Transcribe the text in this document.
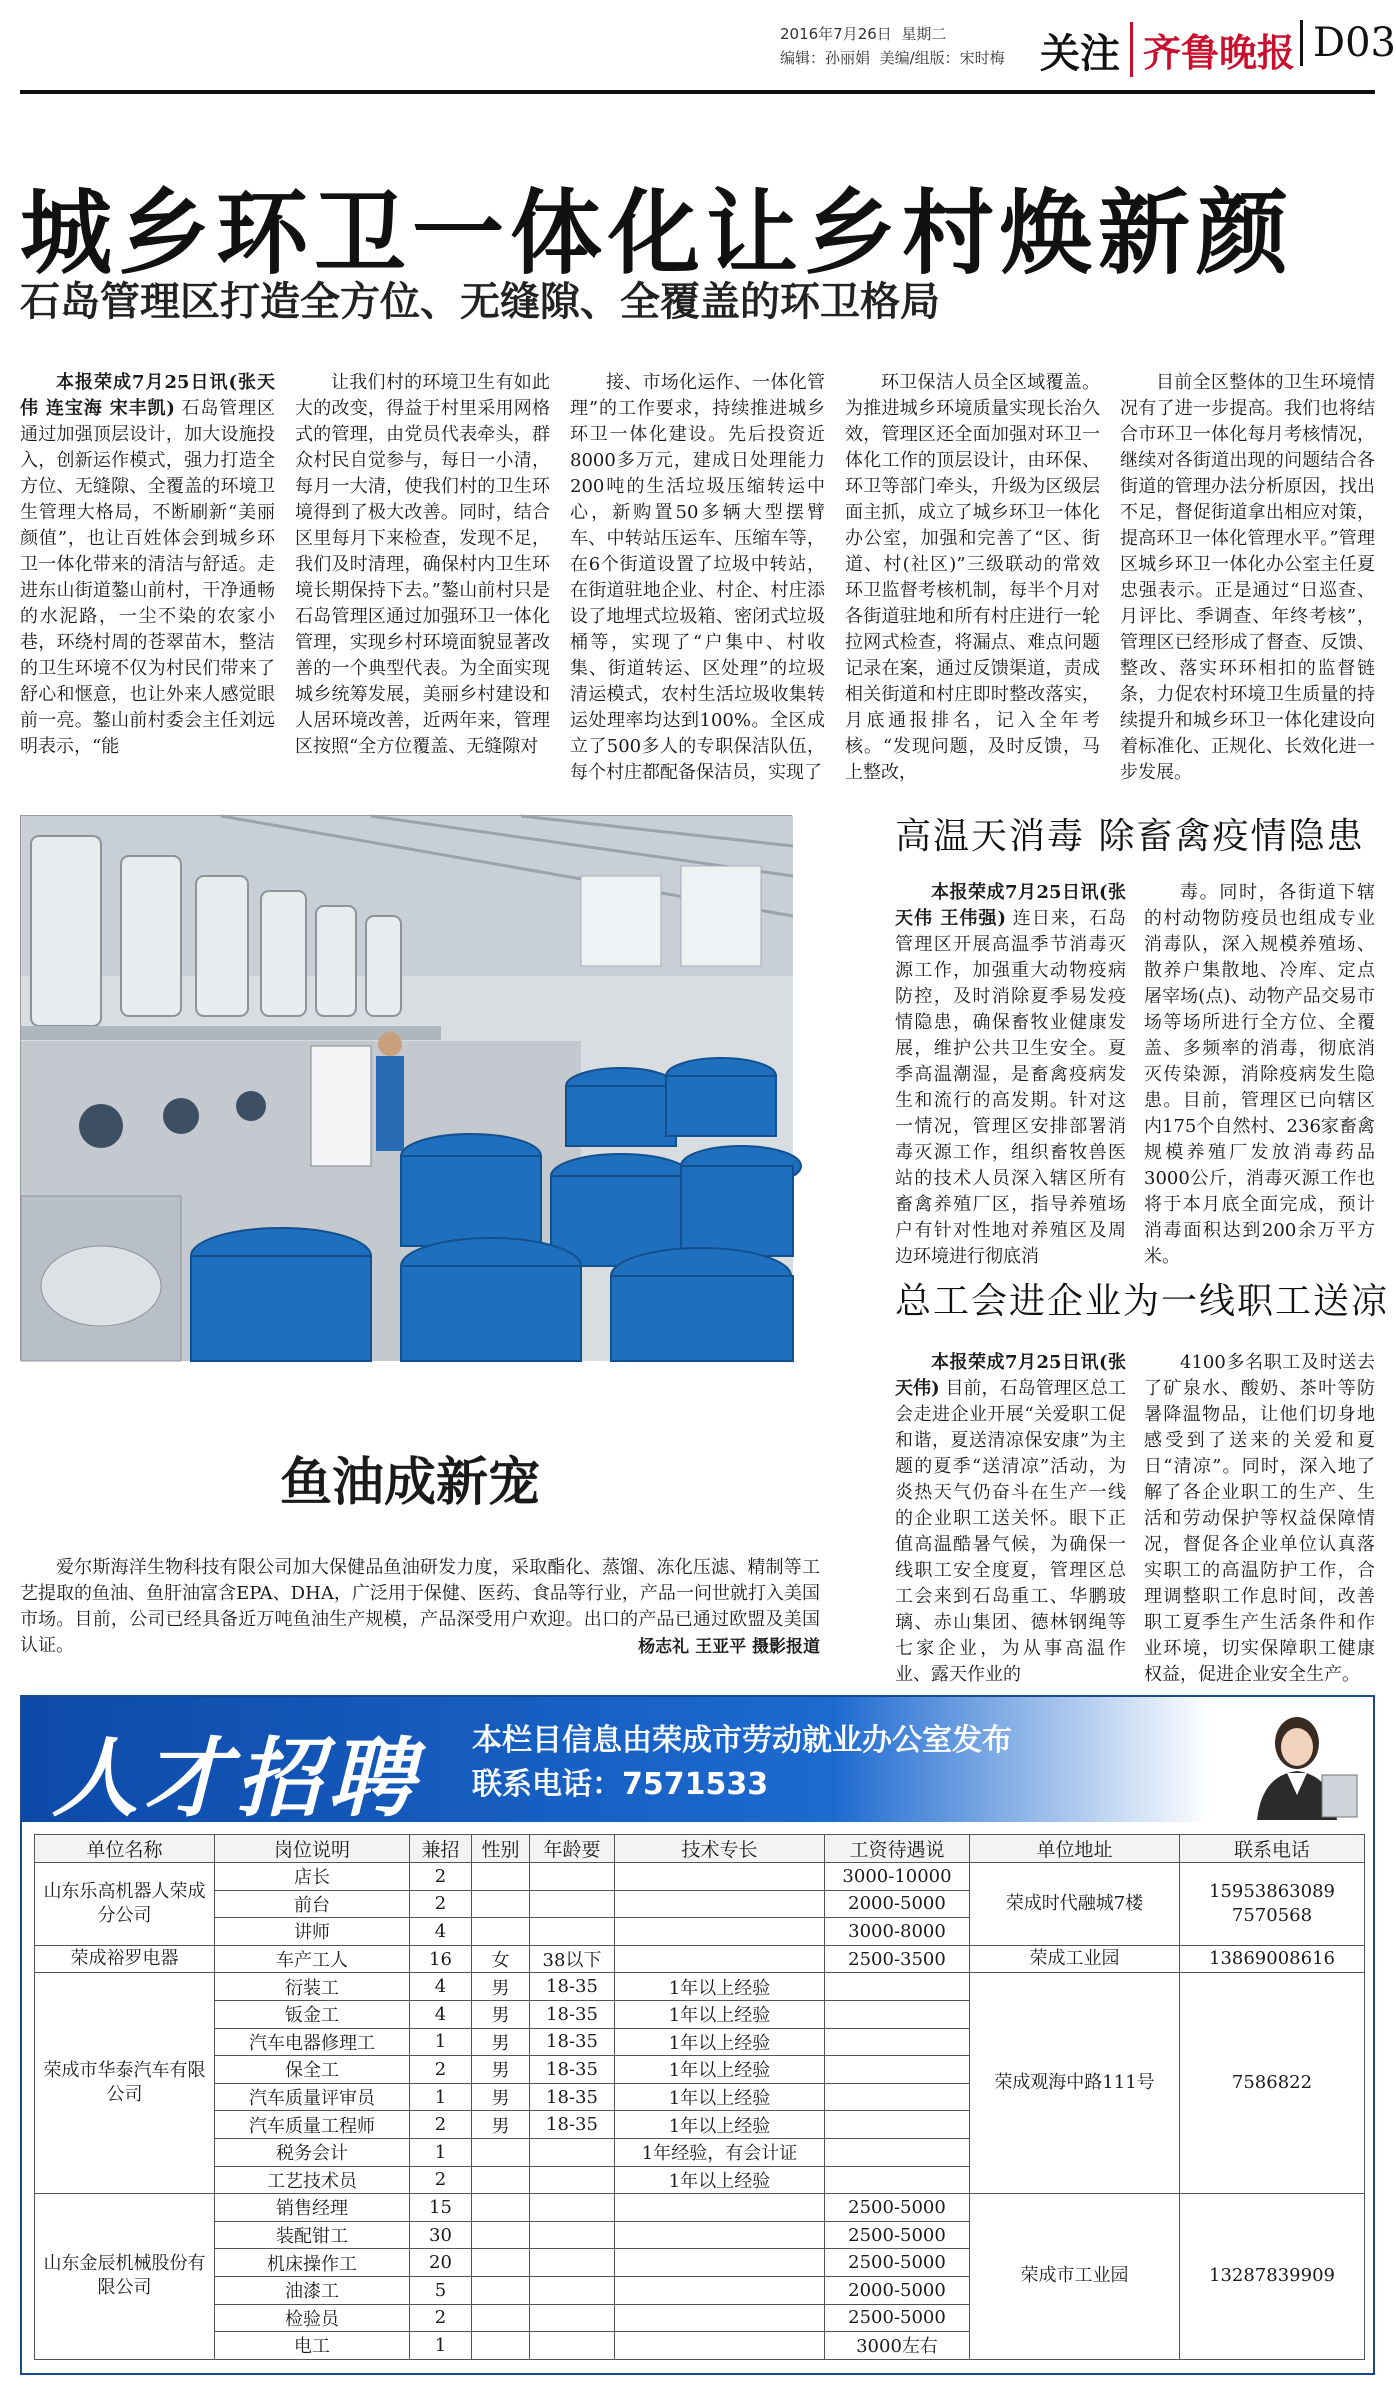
2016年7月26日 星期二
编辑：孙丽娟 美编/组版：宋时梅 关注 齐鲁晚报 D03
城乡环卫一体化让乡村焕新颜
石岛管理区打造全方位、无缝隙、全覆盖的环卫格局

本报荣成7月25日讯(张天伟 连宝海 宋丰凯) 石岛管理区通过加强顶层设计，加大设施投入，创新运作模式，强力打造全方位、无缝隙、全覆盖的环境卫生管理大格局，不断刷新“美丽颜值”，也让百姓体会到城乡环卫一体化带来的清洁与舒适。走进东山街道鏊山前村，干净通畅的水泥路，一尘不染的农家小巷，环绕村周的苍翠苗木，整洁的卫生环境不仅为村民们带来了舒心和惬意，也让外来人感觉眼前一亮。鏊山前村委会主任刘远明表示，“能

让我们村的环境卫生有如此大的改变，得益于村里采用网格式的管理，由党员代表牵头，群众村民自觉参与，每日一小清，每月一大清，使我们村的卫生环境得到了极大改善。同时，结合区里每月下来检查，发现不足，我们及时清理，确保村内卫生环境长期保持下去。”鏊山前村只是石岛管理区通过加强环卫一体化管理，实现乡村环境面貌显著改善的一个典型代表。为全面实现城乡统筹发展，美丽乡村建设和人居环境改善，近两年来，管理区按照“全方位覆盖、无缝隙对

接、市场化运作、一体化管理”的工作要求，持续推进城乡环卫一体化建设。先后投资近8000多万元，建成日处理能力200吨的生活垃圾压缩转运中心，新购置50多辆大型摆臂车、中转站压运车、压缩车等，在6个街道设置了垃圾中转站，在街道驻地企业、村企、村庄添设了地埋式垃圾箱、密闭式垃圾桶等，实现了“户集中、村收集、街道转运、区处理”的垃圾清运模式，农村生活垃圾收集转运处理率均达到100%。全区成立了500多人的专职保洁队伍，每个村庄都配备保洁员，实现了

环卫保洁人员全区域覆盖。为推进城乡环境质量实现长治久效，管理区还全面加强对环卫一体化工作的顶层设计，由环保、环卫等部门牵头，升级为区级层面主抓，成立了城乡环卫一体化办公室，加强和完善了“区、街道、村(社区)”三级联动的常效环卫监督考核机制，每半个月对各街道驻地和所有村庄进行一轮拉网式检查，将漏点、难点问题记录在案，通过反馈渠道，责成相关街道和村庄即时整改落实，月底通报排名，记入全年考核。“发现问题，及时反馈，马上整改，

目前全区整体的卫生环境情况有了进一步提高。我们也将结合市环卫一体化每月考核情况，继续对各街道出现的问题结合各街道的管理办法分析原因，找出不足，督促街道拿出相应对策，提高环卫一体化管理水平。”管理区城乡环卫一体化办公室主任夏忠强表示。正是通过“日巡查、月评比、季调查、年终考核”，管理区已经形成了督查、反馈、整改、落实环环相扣的监督链条，力促农村环境卫生质量的持续提升和城乡环卫一体化建设向着标准化、正规化、长效化进一步发展。

鱼油成新宠

爱尔斯海洋生物科技有限公司加大保健品鱼油研发力度，采取酯化、蒸馏、冻化压滤、精制等工艺提取的鱼油、鱼肝油富含EPA、DHA，广泛用于保健、医药、食品等行业，产品一问世就打入美国市场。目前，公司已经具备近万吨鱼油生产规模，产品深受用户欢迎。出口的产品已通过欧盟及美国认证。	杨志礼 王亚平 摄影报道
高温天消毒 除畜禽疫情隐患

本报荣成7月25日讯(张天伟 王伟强) 连日来，石岛管理区开展高温季节消毒灭源工作，加强重大动物疫病防控，及时消除夏季易发疫情隐患，确保畜牧业健康发展，维护公共卫生安全。夏季高温潮湿，是畜禽疫病发生和流行的高发期。针对这一情况，管理区安排部署消毒灭源工作，组织畜牧兽医站的技术人员深入辖区所有畜禽养殖厂区，指导养殖场户有针对性地对养殖区及周边环境进行彻底消

毒。同时，各街道下辖的村动物防疫员也组成专业消毒队，深入规模养殖场、散养户集散地、冷库、定点屠宰场(点)、动物产品交易市场等场所进行全方位、全覆盖、多频率的消毒，彻底消灭传染源，消除疫病发生隐患。目前，管理区已向辖区内175个自然村、236家畜禽规模养殖厂发放消毒药品3000公斤，消毒灭源工作也将于本月底全面完成，预计消毒面积达到200余万平方米。

总工会进企业为一线职工送凉

本报荣成7月25日讯(张天伟) 目前，石岛管理区总工会走进企业开展“关爱职工促和谐，夏送清凉保安康”为主题的夏季“送清凉”活动，为炎热天气仍奋斗在生产一线的企业职工送关怀。眼下正值高温酷暑气候，为确保一线职工安全度夏，管理区总工会来到石岛重工、华鹏玻璃、赤山集团、德林钢绳等七家企业，为从事高温作业、露天作业的

4100多名职工及时送去了矿泉水、酸奶、茶叶等防暑降温物品，让他们切身地感受到了送来的关爱和夏日“清凉”。同时，深入地了解了各企业职工的生产、生活和劳动保护等权益保障情况，督促各企业单位认真落实职工的高温防护工作，合理调整职工作息时间，改善职工夏季生产生活条件和作业环境，切实保障职工健康权益，促进企业安全生产。

人才招聘 本栏目信息由荣成市劳动就业办公室发布
联系电话：7571533
单位名称	岗位说明	兼招	性别	年龄要	技术专长	工资待遇说	单位地址	联系电话
山东乐高机器人荣成分公司	店长	2				3000-10000	荣成时代融城7楼	15953863089 7570568
	前台	2				2000-5000		
	讲师	4				3000-8000		
荣成裕罗电器	车产工人	16	女	38以下		2500-3500	荣成工业园	13869008616
荣成市华泰汽车有限公司	衍装工	4	男	18-35	1年以上经验		荣成观海中路111号	7586822
	钣金工	4	男	18-35	1年以上经验			
	汽车电器修理工	1	男	18-35	1年以上经验			
	保全工	2	男	18-35	1年以上经验			
	汽车质量评审员	1	男	18-35	1年以上经验			
	汽车质量工程师	2	男	18-35	1年以上经验			
	税务会计	1			1年经验，有会计证			
	工艺技术员	2			1年以上经验			
山东金辰机械股份有限公司	销售经理	15				2500-5000	荣成市工业园	13287839909
	装配钳工	30				2500-5000		
	机床操作工	20				2500-5000		
	油漆工	5				2000-5000		
	检验员	2				2500-5000		
	电工	1				3000左右		
